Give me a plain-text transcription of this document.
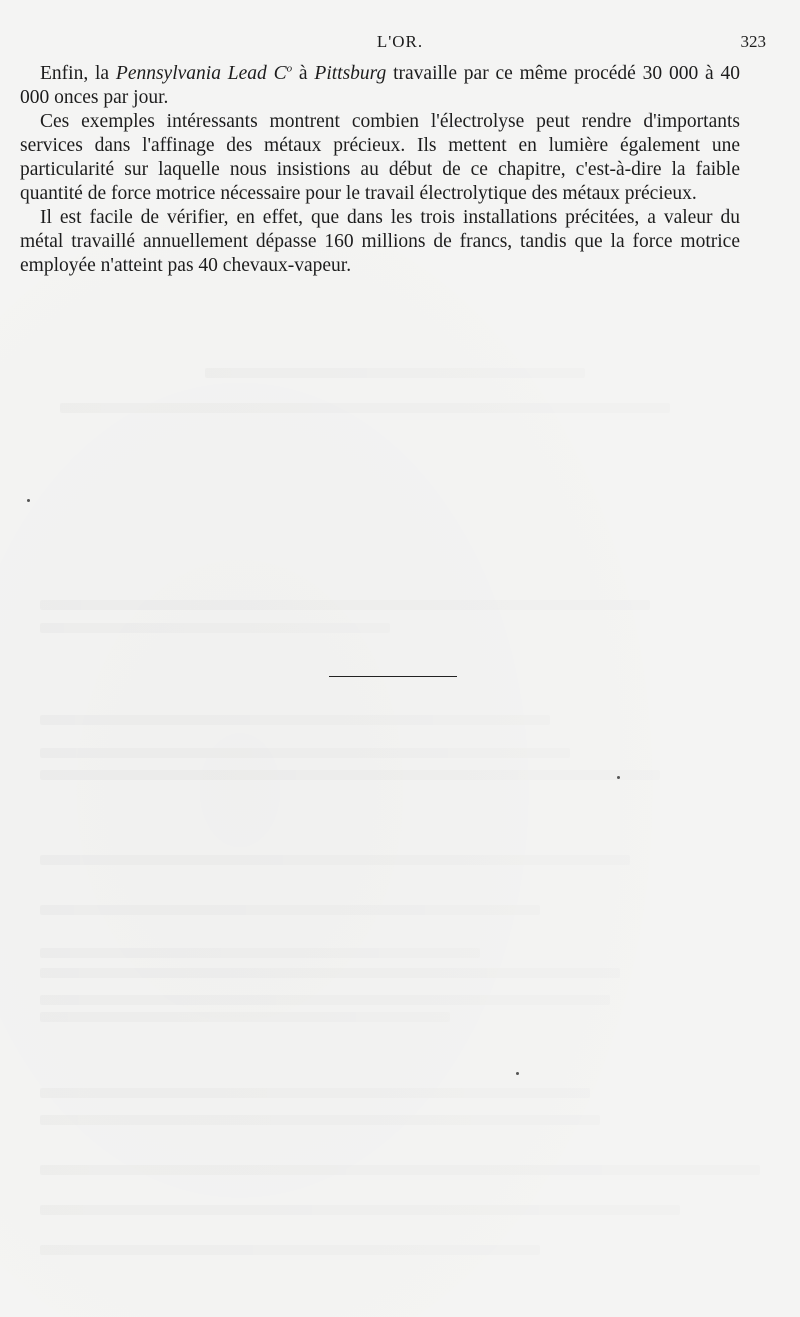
L'OR.	323

Enfin, la Pennsylvania Lead $C^o$ à Pittsburg travaille par ce même procédé 30 000 à 40 000 onces par jour.

Ces exemples intéressants montrent combien l'électrolyse peut rendre d'importants services dans l'affinage des métaux précieux. Ils mettent en lumière également une particularité sur laquelle nous insistions au début de ce chapitre, c'est-à-dire la faible quantité de force motrice nécessaire pour le travail électrolytique des métaux précieux.

Il est facile de vérifier, en effet, que dans les trois installations précitées, a valeur du métal travaillé annuellement dépasse 160 millions de francs, tandis que la force motrice employée n'atteint pas 40 chevaux-vapeur.
